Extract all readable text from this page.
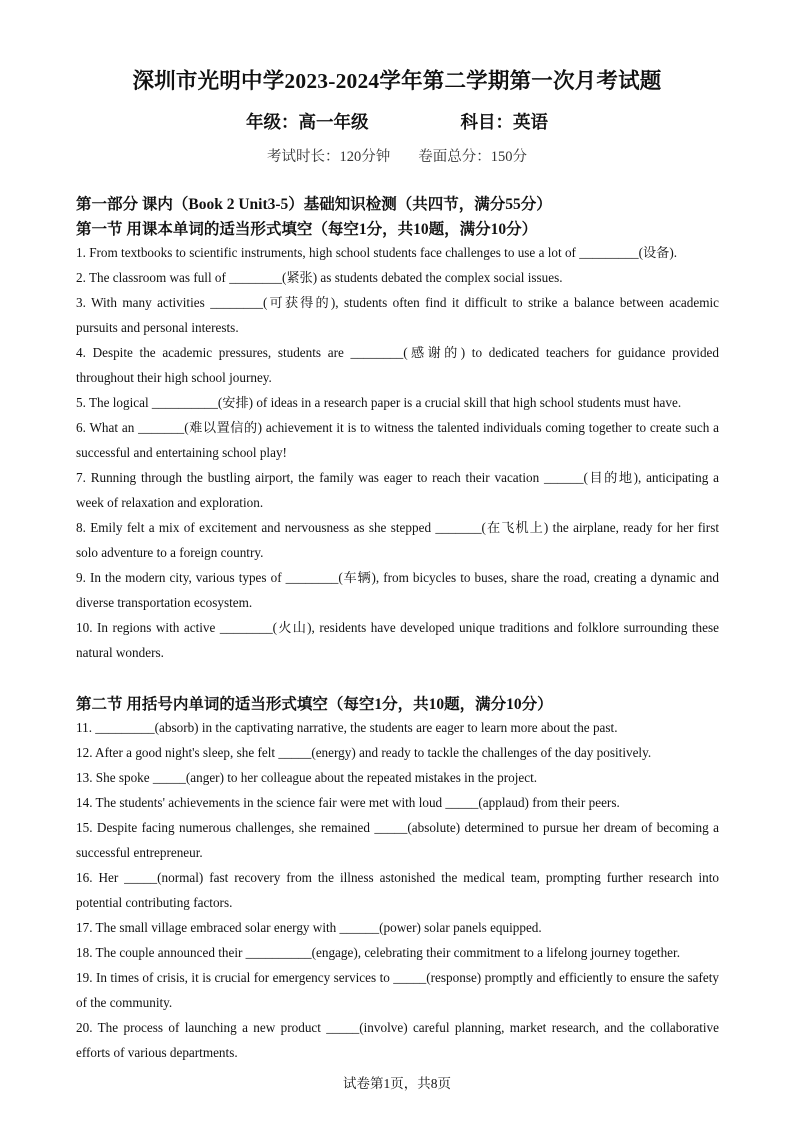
深圳市光明中学2023-2024学年第二学期第一次月考试题
年级：高一年级	科目：英语
考试时长：120分钟 卷面总分：150分
第一部分 课内（Book 2 Unit3-5）基础知识检测（共四节，满分55分）
第一节 用课本单词的适当形式填空（每空1分，共10题，满分10分）
1. From textbooks to scientific instruments, high school students face challenges to use a lot of _________(设备).
2. The classroom was full of ________(紧张) as students debated the complex social issues.
3. With many activities ________(可获得的), students often find it difficult to strike a balance between academic pursuits and personal interests.
4. Despite the academic pressures, students are ________(感谢的) to dedicated teachers for guidance provided throughout their high school journey.
5. The logical __________(安排) of ideas in a research paper is a crucial skill that high school students must have.
6. What an _______(难以置信的) achievement it is to witness the talented individuals coming together to create such a successful and entertaining school play!
7. Running through the bustling airport, the family was eager to reach their vacation ______(目的地), anticipating a week of relaxation and exploration.
8. Emily felt a mix of excitement and nervousness as she stepped _______(在飞机上) the airplane, ready for her first solo adventure to a foreign country.
9. In the modern city, various types of ________(车辆), from bicycles to buses, share the road, creating a dynamic and diverse transportation ecosystem.
10. In regions with active ________(火山), residents have developed unique traditions and folklore surrounding these natural wonders.
第二节 用括号内单词的适当形式填空（每空1分，共10题，满分10分）
11. _________(absorb) in the captivating narrative, the students are eager to learn more about the past.
12. After a good night's sleep, she felt _____(energy) and ready to tackle the challenges of the day positively.
13. She spoke _____(anger) to her colleague about the repeated mistakes in the project.
14. The students' achievements in the science fair were met with loud _____(applaud) from their peers.
15. Despite facing numerous challenges, she remained _____(absolute) determined to pursue her dream of becoming a successful entrepreneur.
16. Her _____(normal) fast recovery from the illness astonished the medical team, prompting further research into potential contributing factors.
17. The small village embraced solar energy with ______(power) solar panels equipped.
18. The couple announced their __________(engage), celebrating their commitment to a lifelong journey together.
19. In times of crisis, it is crucial for emergency services to _____(response) promptly and efficiently to ensure the safety of the community.
20. The process of launching a new product _____(involve) careful planning, market research, and the collaborative efforts of various departments.
试卷第1页，共8页
